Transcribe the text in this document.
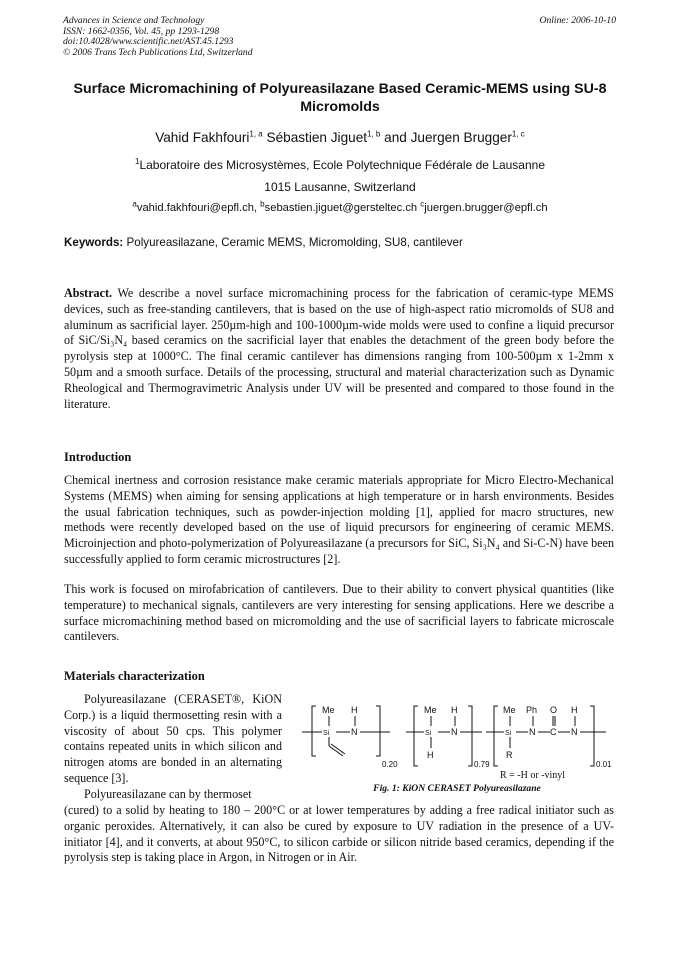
Advances in Science and Technology
ISSN: 1662-0356, Vol. 45, pp 1293-1298
doi:10.4028/www.scientific.net/AST.45.1293
© 2006 Trans Tech Publications Ltd, Switzerland
Online: 2006-10-10
Surface Micromachining of Polyureasilazane Based Ceramic-MEMS using SU-8 Micromolds
Vahid Fakhfouri$^{1, a}$ Sébastien Jiguet$^{1, b}$ and Juergen Brugger$^{1, c}$
$^1$Laboratoire des Microsystèmes, Ecole Polytechnique Fédérale de Lausanne
1015 Lausanne, Switzerland
$^a$vahid.fakhfouri@epfl.ch, $^b$sebastien.jiguet@gersteltec.ch $^c$juergen.brugger@epfl.ch
Keywords: Polyureasilazane, Ceramic MEMS, Micromolding, SU8, cantilever

Abstract. We describe a novel surface micromachining process for the fabrication of ceramic-type MEMS devices, such as free-standing cantilevers, that is based on the use of high-aspect ratio micromolds of SU8 and aluminum as sacrificial layer. 250µm-high and 100-1000µm-wide molds were used to confine a liquid precursor of SiC/Si₃N₄ based ceramics on the sacrificial layer that enables the detachment of the green body before the pyrolysis step at 1000°C. The final ceramic cantilever has dimensions ranging from 100-500µm x 1-2mm x 50µm and a smooth surface. Details of the processing, structural and material characterization such as Dynamic Rheological and Thermogravimetric Analysis under UV will be presented and compared to those found in the literature.

Introduction

Chemical inertness and corrosion resistance make ceramic materials appropriate for Micro Electro-Mechanical Systems (MEMS) when aiming for sensing applications at high temperature or in harsh environments. Besides the usual fabrication techniques, such as powder-injection molding [1], applied for macro structures, new methods were recently developed based on the use of liquid precursors for engineering of ceramic MEMS. Microinjection and photo-polymerization of Polyureasilazane (a precursors for SiC, Si₃N₄ and Si-C-N) have been successfully applied to form ceramic microstructures [2].

This work is focused on mirofabrication of cantilevers. Due to their ability to convert physical quantities (like temperature) to mechanical signals, cantilevers are very interesting for sensing applications. Here we describe a surface micromachining method based on micromolding and the use of sacrificial layers to fabricate microscale cantilevers.

Materials characterization

Polyureasilazane (CERASET®, KiON Corp.) is a liquid thermosetting resin with a viscosity of about 50 cps. This polymer contains repeated units in which silicon and nitrogen atoms are bonded in an alternating sequence [3].

Polyureasilazane can by thermoset

(cured) to a solid by heating to 180 – 200°C or at lower temperatures by adding a free radical initiator such as organic peroxides. Alternatively, it can also be cured by exposure to UV radiation in the presence of a UV-initiator [4], and it converts, at about 950°C, to silicon carbide or silicon nitride based ceramics, depending if the pyrolysis step is taking place in Argon, in Nitrogen or in Air.

Me H
Si N
0.20
Me H
Si N
H
0.79
Me Ph O H
Si N C N
R
0.01
R = -H or -vinyl
Fig. 1: KiON CERASET Polyureasilazane
